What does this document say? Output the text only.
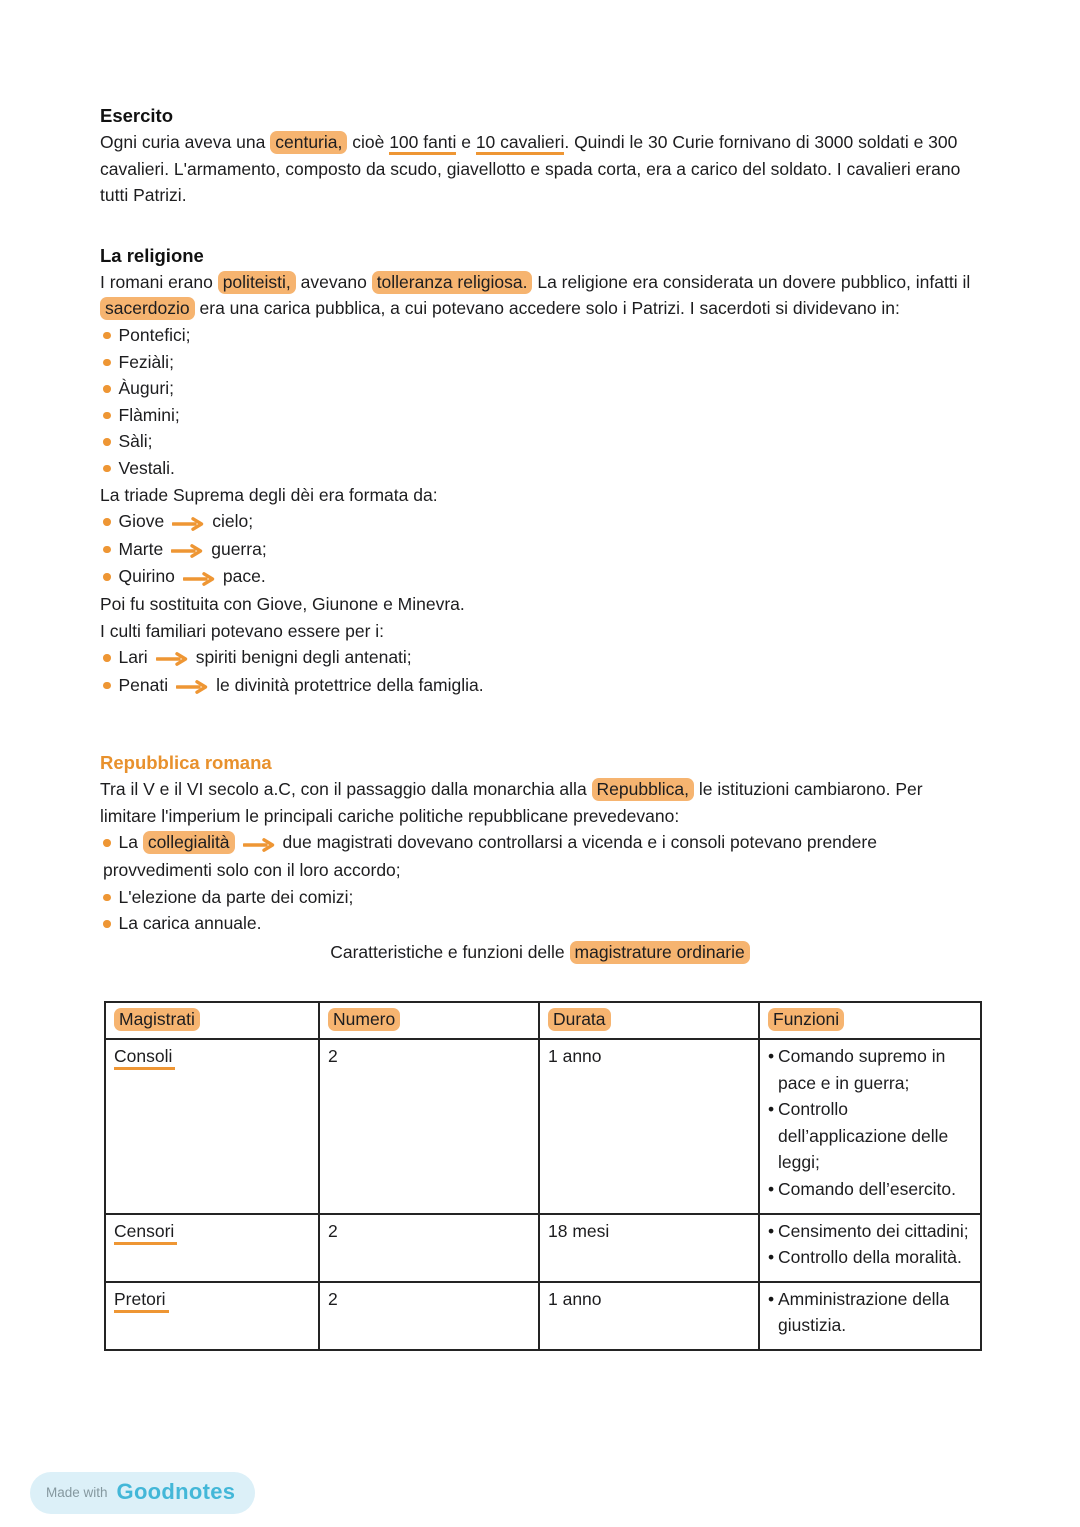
Esercito

Ogni curia aveva una centuria, cioè 100 fanti e 10 cavalieri. Quindi le 30 Curie fornivano di 3000 soldati e 300 cavalieri. L'armamento, composto da scudo, giavellotto e spada corta, era a carico del soldato. I cavalieri erano tutti Patrizi.

La religione

I romani erano politeisti, avevano tolleranza religiosa. La religione era considerata un dovere pubblico, infatti il sacerdozio era una carica pubblica, a cui potevano accedere solo i Patrizi. I sacerdoti si dividevano in:

Pontefici;
Feziàli;
Àuguri;
Flàmini;
Sàli;
Vestali.

La triade Suprema degli dèi era formata da:

Giove	cielo;
Marte	guerra;
Quirino	pace.

Poi fu sostituita con Giove, Giunone e Minevra.

I culti familiari potevano essere per i:

Lari	spiriti benigni degli antenati;
Penati	le divinità protettrice della famiglia.
Repubblica romana

Tra il V e il VI secolo a.C, con il passaggio dalla monarchia alla Repubblica, le istituzioni cambiarono. Per limitare l'imperium le principali cariche politiche repubblicane prevedevano:

La collegialità	due magistrati dovevano controllarsi a vicenda e i consoli potevano prendere provvedimenti solo con il loro accordo;
L'elezione da parte dei comizi;
La carica annuale.

Caratteristiche e funzioni delle magistrature ordinarie

Magistrati	Numero	Durata	Funzioni
Consoli	2	1 anno	• Comando supremo in pace e in guerra;
• Controllo dell’applicazione delle leggi;
• Comando dell’esercito.

Censori	2	18 mesi	• Censimento dei cittadini;
• Controllo della moralità.

Pretori	2	1 anno	• Amministrazione della giustizia.
Made with Goodnotes
